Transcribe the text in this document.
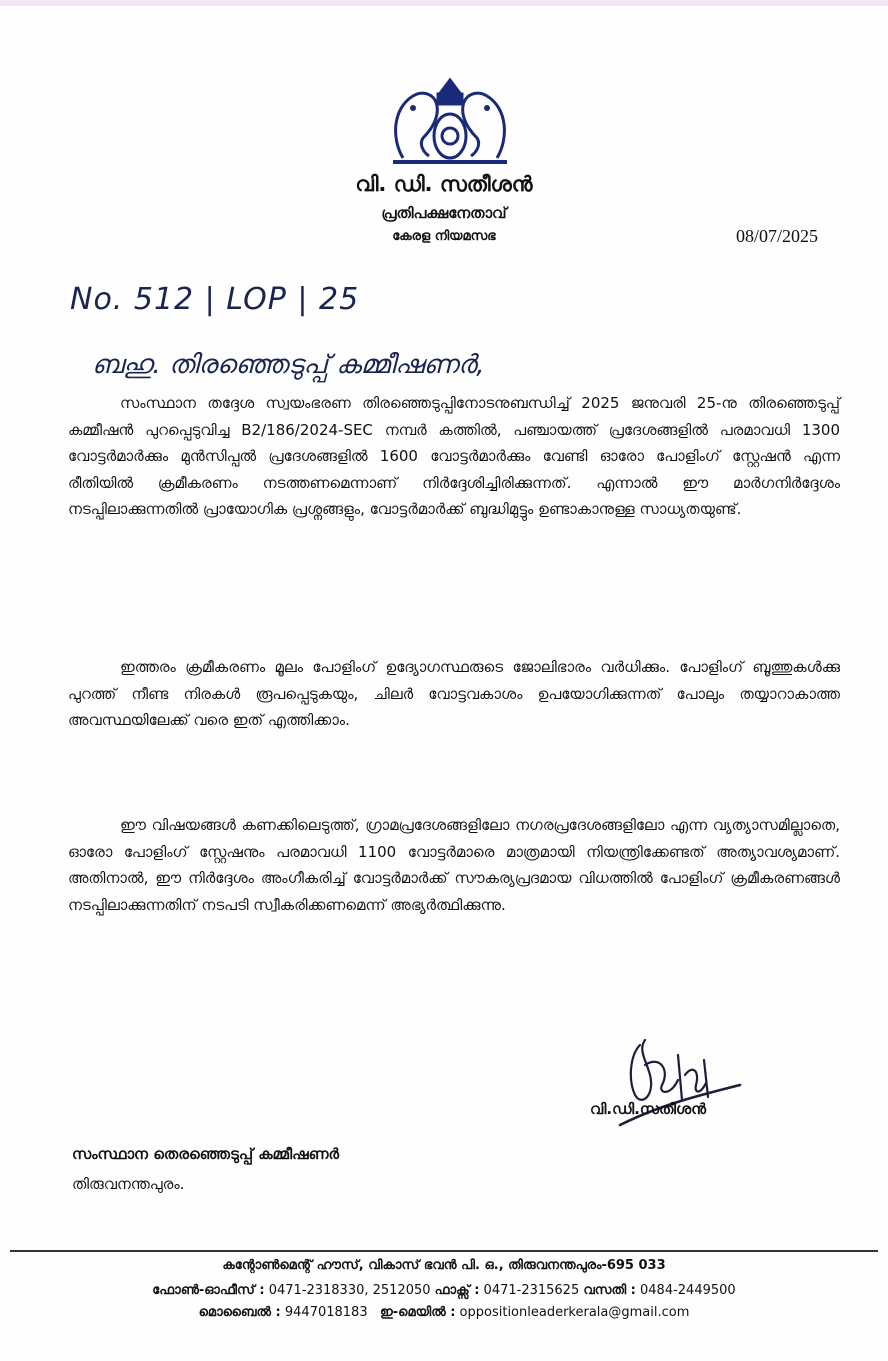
വി. ഡി. സതീശൻ
പ്രതിപക്ഷനേതാവ്
കേരള നിയമസഭ	08/07/2025
No. 512 | LOP | 25
ബഹു. തിരഞ്ഞെടുപ്പ് കമ്മീഷണർ,
സംസ്ഥാന തദ്ദേശ സ്വയംഭരണ തിരഞ്ഞെടുപ്പിനോടനുബന്ധിച്ച് 2025 ജനുവരി 25-നു തിരഞ്ഞെടുപ്പ് കമ്മീഷൻ പുറപ്പെടുവിച്ച B2/186/2024-SEC നമ്പർ കത്തിൽ, പഞ്ചായത്ത് പ്രദേശങ്ങളിൽ പരമാവധി 1300 വോട്ടർമാർക്കും മുൻസിപ്പൽ പ്രദേശങ്ങളിൽ 1600 വോട്ടർമാർക്കും വേണ്ടി ഓരോ പോളിംഗ് സ്റ്റേഷൻ എന്ന രീതിയിൽ ക്രമീകരണം നടത്തണമെന്നാണ് നിർദ്ദേശിച്ചിരിക്കുന്നത്. എന്നാൽ ഈ മാർഗനിർദ്ദേശം നടപ്പിലാക്കുന്നതിൽ പ്രായോഗിക പ്രശ്നങ്ങളും, വോട്ടർമാർക്ക് ബുദ്ധിമുട്ടും ഉണ്ടാകാനുള്ള സാധ്യതയുണ്ട്.
ഇത്തരം ക്രമീകരണം മൂലം പോളിംഗ് ഉദ്യോഗസ്ഥരുടെ ജോലിഭാരം വർധിക്കും. പോളിംഗ് ബൂത്തുകൾക്കു പുറത്ത് നീണ്ട നിരകൾ രൂപപ്പെടുകയും, ചിലർ വോട്ടവകാശം ഉപയോഗിക്കുന്നത് പോലും തയ്യാറാകാത്ത അവസ്ഥയിലേക്ക് വരെ ഇത് എത്തിക്കാം.
ഈ വിഷയങ്ങൾ കണക്കിലെടുത്ത്, ഗ്രാമപ്രദേശങ്ങളിലോ നഗരപ്രദേശങ്ങളിലോ എന്ന വ്യത്യാസമില്ലാതെ, ഓരോ പോളിംഗ് സ്റ്റേഷനും പരമാവധി 1100 വോട്ടർമാരെ മാത്രമായി നിയന്ത്രിക്കേണ്ടത് അത്യാവശ്യമാണ്. അതിനാൽ, ഈ നിർദ്ദേശം അംഗീകരിച്ച് വോട്ടർമാർക്ക് സൗകര്യപ്രദമായ വിധത്തിൽ പോളിംഗ് ക്രമീകരണങ്ങൾ നടപ്പിലാക്കുന്നതിന് നടപടി സ്വീകരിക്കണമെന്ന് അഭ്യർത്ഥിക്കുന്നു.
വി.ഡി.സതീശൻ
സംസ്ഥാന തെരഞ്ഞെടുപ്പ് കമ്മീഷണർ
തിരുവനന്തപുരം.
കന്റോൺമെന്റ് ഹൗസ്, വികാസ് ഭവൻ പി. ഒ., തിരുവനന്തപുരം-695 033
ഫോൺ-ഓഫീസ് : 0471-2318330, 2512050 ഫാക്സ് : 0471-2315625 വസതി : 0484-2449500
മൊബൈൽ : 9447018183 ഇ-മെയിൽ : oppositionleaderkerala@gmail.com
